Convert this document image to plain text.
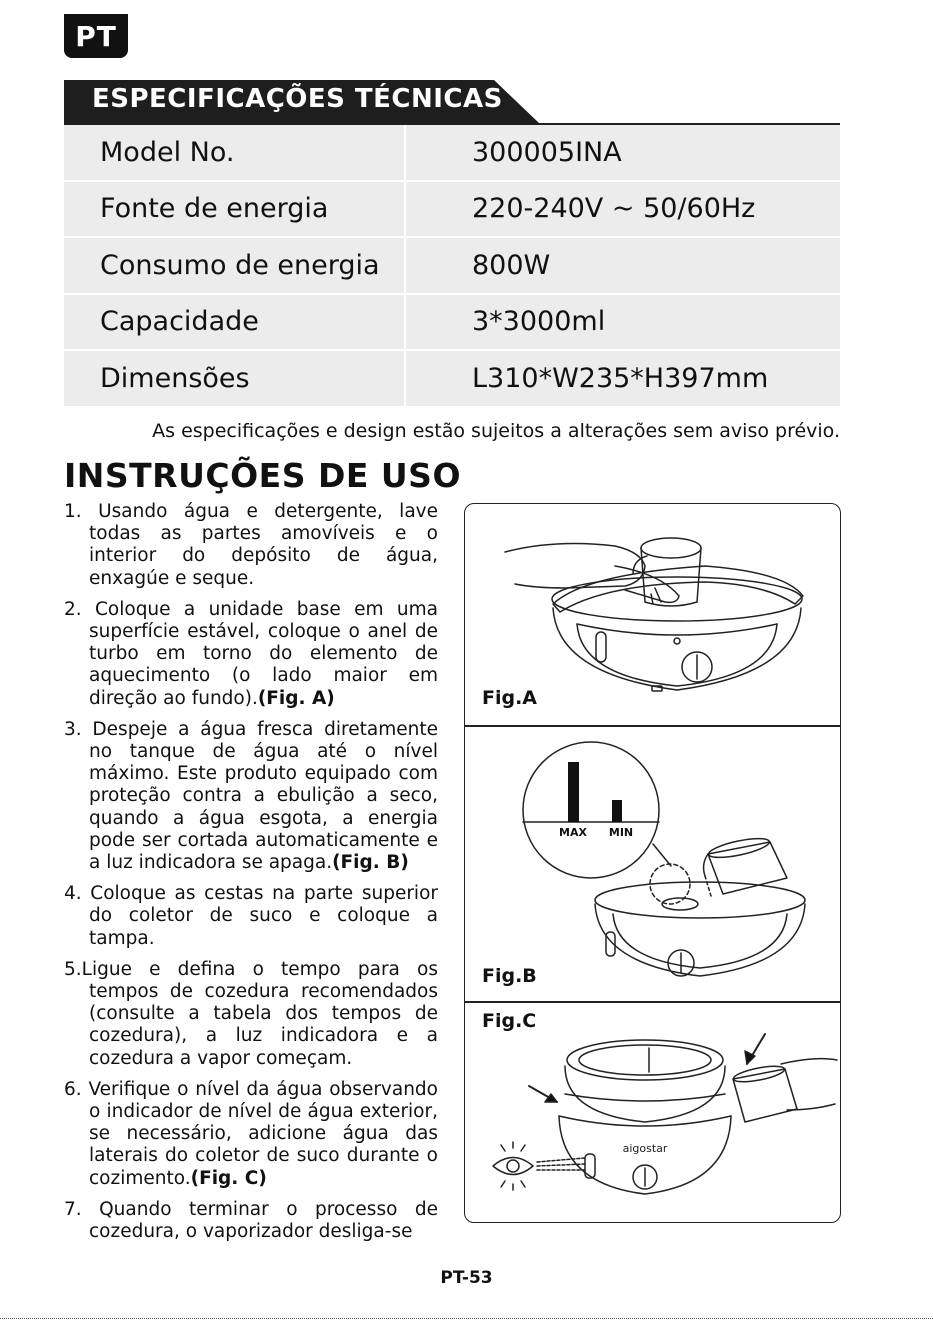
PT
ESPECIFICAÇÕES TÉCNICAS
Model No.	300005INA
Fonte de energia	220-240V ~ 50/60Hz
Consumo de energia	800W
Capacidade	3*3000ml
Dimensões	L310*W235*H397mm
As especificações e design estão sujeitos a alterações sem aviso prévio.
INSTRUÇÕES DE USO

1. Usando água e detergente, lave todas as partes amovíveis e o interior do depósito de água, enxagúe e seque.

2. Coloque a unidade base em uma superfície estável, coloque o anel de turbo em torno do elemento de aquecimento (o lado maior em direção ao fundo).(Fig. A)

3. Despeje a água fresca diretamente no tanque de água até o nível máximo. Este produto equipado com proteção contra a ebulição a seco, quando a água esgota, a energia pode ser cortada automaticamente e a luz indicadora se apaga.(Fig. B)

4. Coloque as cestas na parte superior do coletor de suco e coloque a tampa.

5.Ligue e defina o tempo para os tempos de cozedura recomendados (consulte a tabela dos tempos de cozedura), a luz indicadora e a cozedura a vapor começam.

6. Verifique o nível da água observando o indicador de nível de água exterior, se necessário, adicione água das laterais do coletor de suco durante o cozimento.(Fig. C)

7. Quando terminar o processo de cozedura, o vaporizador desliga-se

MAX MIN
aigostar
Fig.A
Fig.B
Fig.C
PT-53
